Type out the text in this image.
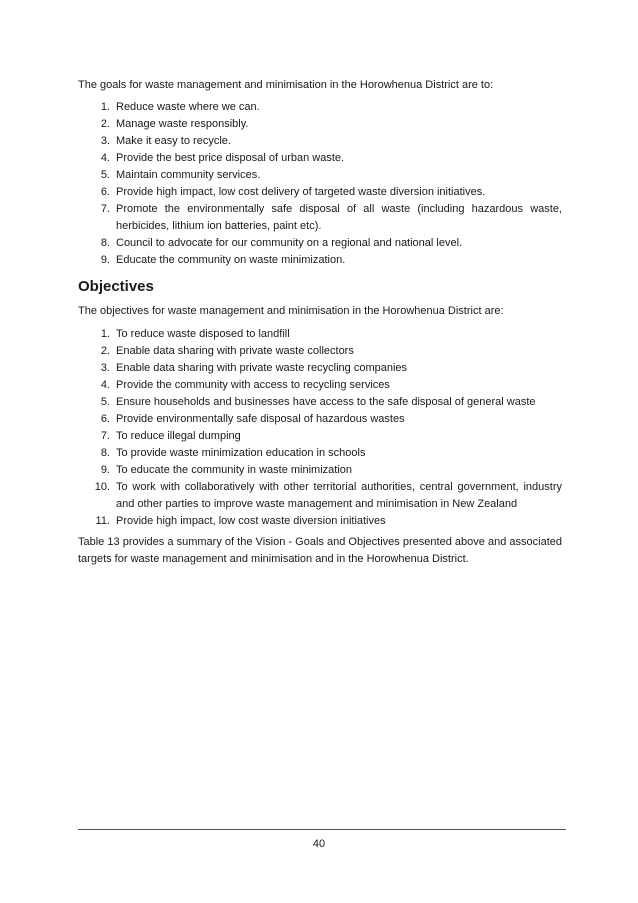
The goals for waste management and minimisation in the Horowhenua District are to:

1. Reduce waste where we can.
2. Manage waste responsibly.
3. Make it easy to recycle.
4. Provide the best price disposal of urban waste.
5. Maintain community services.
6. Provide high impact, low cost delivery of targeted waste diversion initiatives.
7. Promote the environmentally safe disposal of all waste (including hazardous waste, herbicides, lithium ion batteries, paint etc).
8. Council to advocate for our community on a regional and national level.
9. Educate the community on waste minimization.
Objectives

The objectives for waste management and minimisation in the Horowhenua District are:

1. To reduce waste disposed to landfill
2. Enable data sharing with private waste collectors
3. Enable data sharing with private waste recycling companies
4. Provide the community with access to recycling services
5. Ensure households and businesses have access to the safe disposal of general waste
6. Provide environmentally safe disposal of hazardous wastes
7. To reduce illegal dumping
8. To provide waste minimization education in schools
9. To educate the community in waste minimization
10. To work with collaboratively with other territorial authorities, central government, industry and other parties to improve waste management and minimisation in New Zealand
11. Provide high impact, low cost waste diversion initiatives

Table 13 provides a summary of the Vision - Goals and Objectives presented above and associated targets for waste management and minimisation and in the Horowhenua District.

40
